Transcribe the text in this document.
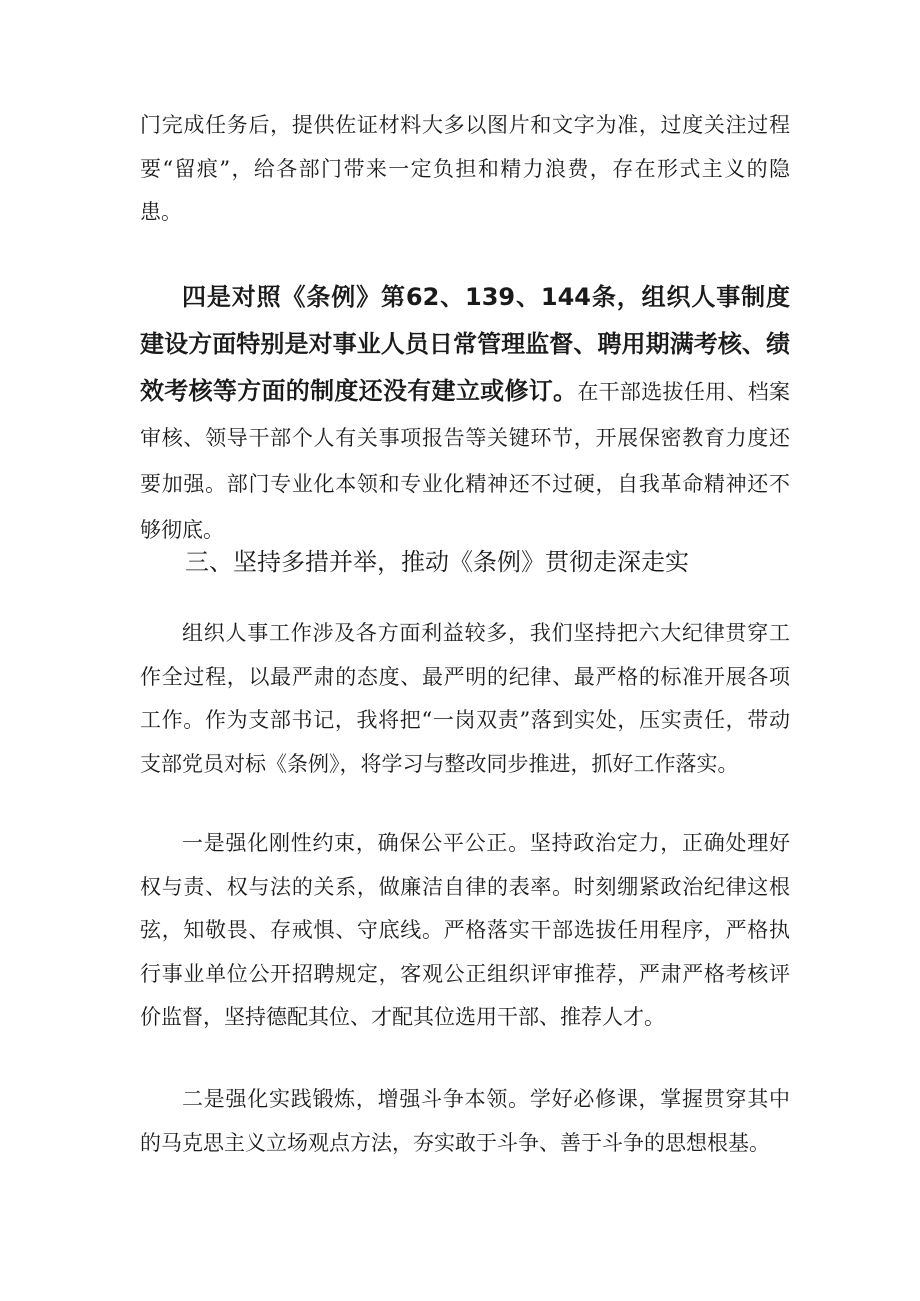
门完成任务后，提供佐证材料大多以图片和文字为准，过度关注过程要“留痕”，给各部门带来一定负担和精力浪费，存在形式主义的隐患。

四是对照《条例》第62、139、144条，组织人事制度建设方面特别是对事业人员日常管理监督、聘用期满考核、绩效考核等方面的制度还没有建立或修订。在干部选拔任用、档案审核、领导干部个人有关事项报告等关键环节，开展保密教育力度还要加强。部门专业化本领和专业化精神还不过硬，自我革命精神还不够彻底。

三、坚持多措并举，推动《条例》贯彻走深走实

组织人事工作涉及各方面利益较多，我们坚持把六大纪律贯穿工作全过程，以最严肃的态度、最严明的纪律、最严格的标准开展各项工作。作为支部书记，我将把“一岗双责”落到实处，压实责任，带动支部党员对标《条例》，将学习与整改同步推进，抓好工作落实。

一是强化刚性约束，确保公平公正。坚持政治定力，正确处理好权与责、权与法的关系，做廉洁自律的表率。时刻绷紧政治纪律这根弦，知敬畏、存戒惧、守底线。严格落实干部选拔任用程序，严格执行事业单位公开招聘规定，客观公正组织评审推荐，严肃严格考核评价监督，坚持德配其位、才配其位选用干部、推荐人才。

二是强化实践锻炼，增强斗争本领。学好必修课，掌握贯穿其中的马克思主义立场观点方法，夯实敢于斗争、善于斗争的思想根基。
